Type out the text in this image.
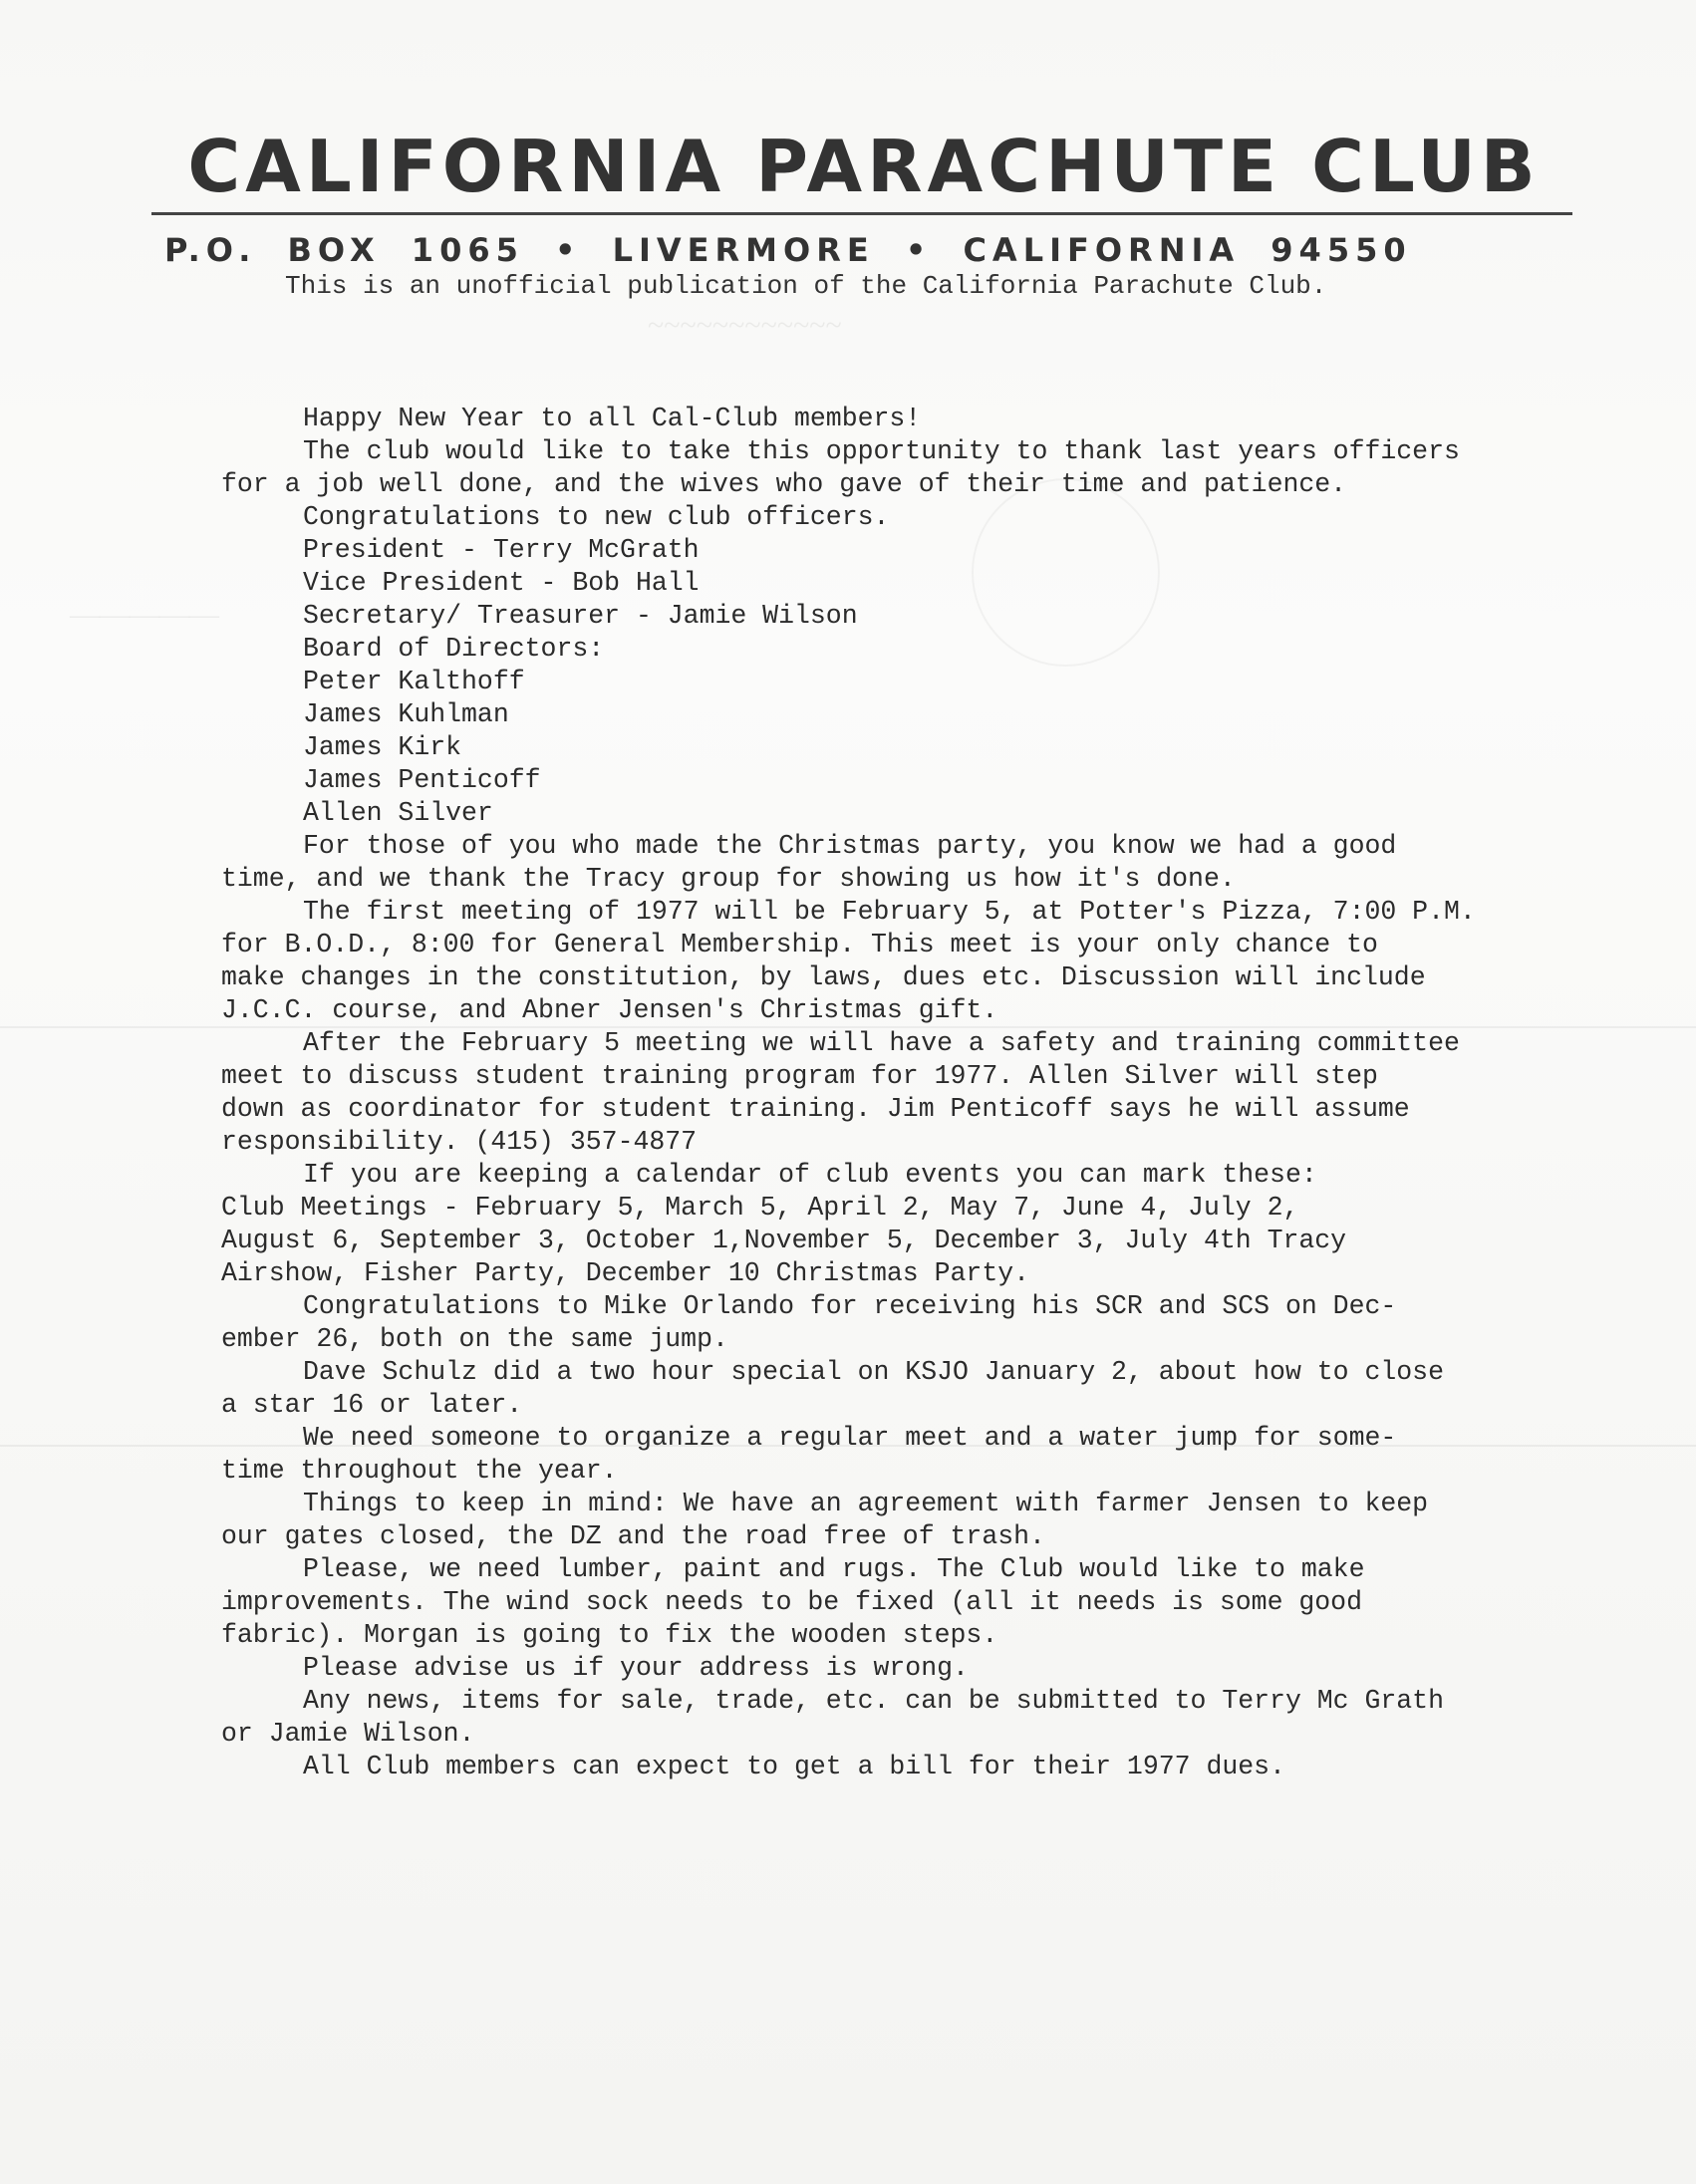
—————
~~~~~~~~~~~~
CALIFORNIA PARACHUTE CLUB
P.O. BOX 1065 • LIVERMORE • CALIFORNIA 94550
This is an unofficial publication of the California Parachute Club.
Happy New Year to all Cal-Club members!
The club would like to take this opportunity to thank last years officers
for a job well done, and the wives who gave of their time and patience.
Congratulations to new club officers.
President - Terry McGrath
Vice President - Bob Hall
Secretary/ Treasurer - Jamie Wilson
Board of Directors:
Peter Kalthoff
James Kuhlman
James Kirk
James Penticoff
Allen Silver
For those of you who made the Christmas party, you know we had a good
time, and we thank the Tracy group for showing us how it's done.
The first meeting of 1977 will be February 5, at Potter's Pizza, 7:00 P.M.
for B.O.D., 8:00 for General Membership. This meet is your only chance to
make changes in the constitution, by laws, dues etc. Discussion will include
J.C.C. course, and Abner Jensen's Christmas gift.
After the February 5 meeting we will have a safety and training committee
meet to discuss student training program for 1977. Allen Silver will step
down as coordinator for student training. Jim Penticoff says he will assume
responsibility. (415) 357-4877
If you are keeping a calendar of club events you can mark these:
Club Meetings - February 5, March 5, April 2, May 7, June 4, July 2,
August 6, September 3, October 1,November 5, December 3, July 4th Tracy
Airshow, Fisher Party, December 10 Christmas Party.
Congratulations to Mike Orlando for receiving his SCR and SCS on Dec-
ember 26, both on the same jump.
Dave Schulz did a two hour special on KSJO January 2, about how to close
a star 16 or later.
We need someone to organize a regular meet and a water jump for some-
time throughout the year.
Things to keep in mind: We have an agreement with farmer Jensen to keep
our gates closed, the DZ and the road free of trash.
Please, we need lumber, paint and rugs. The Club would like to make
improvements. The wind sock needs to be fixed (all it needs is some good
fabric). Morgan is going to fix the wooden steps.
Please advise us if your address is wrong.
Any news, items for sale, trade, etc. can be submitted to Terry Mc Grath
or Jamie Wilson.
All Club members can expect to get a bill for their 1977 dues.
